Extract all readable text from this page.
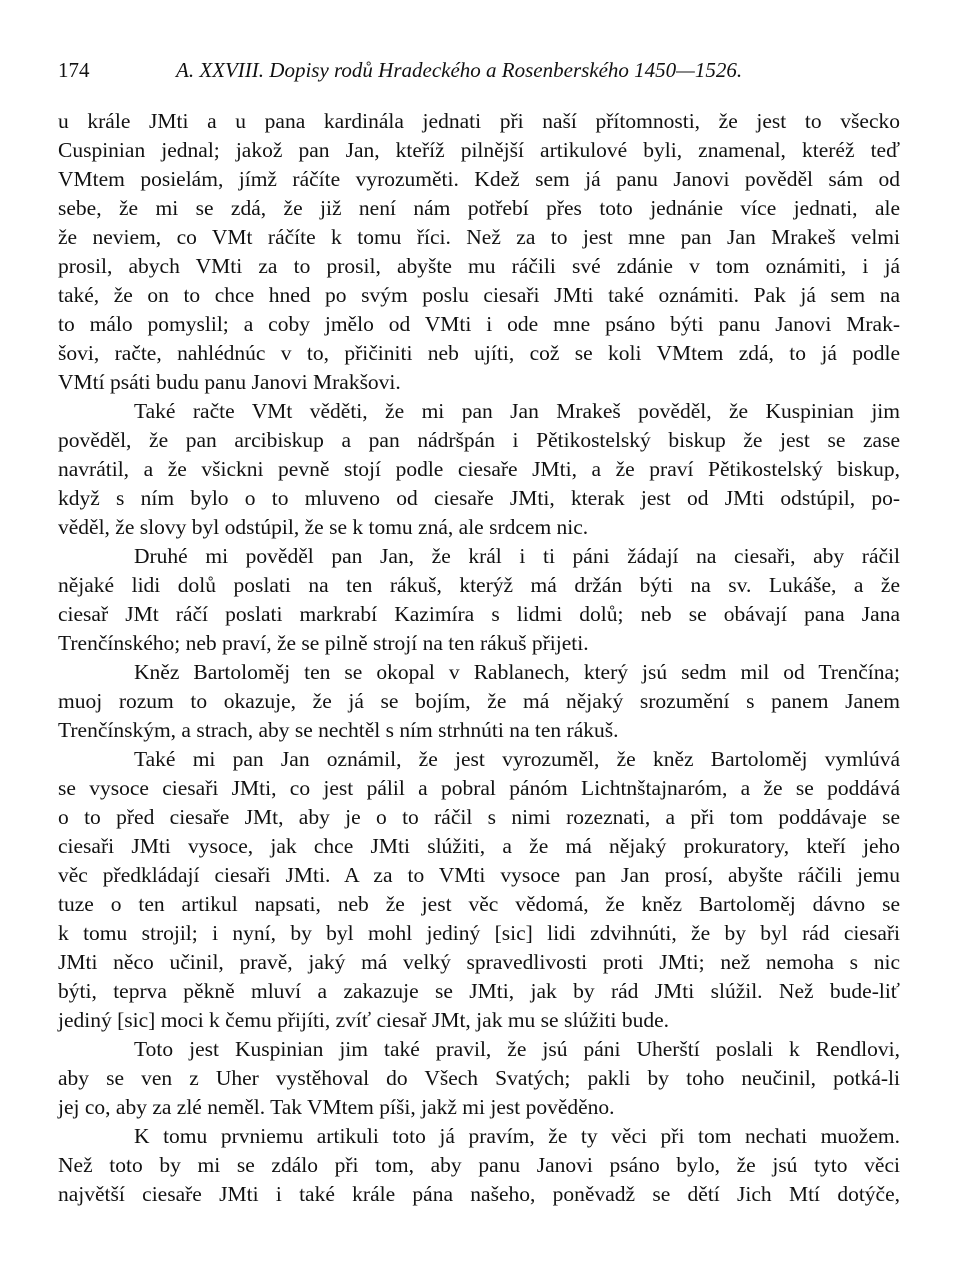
174	A. XXVIII. Dopisy rodů Hradeckého a Rosenberského 1450—1526.
u krále JMti a u pana kardinála jednati při naší přítomnosti, že jest to všecko
Cuspinian jednal; jakož pan Jan, kteříž pilnější artikulové byli, znamenal, kteréž teď
VMtem posielám, jímž ráčíte vyrozuměti. Kdež sem já panu Janovi pověděl sám od
sebe, že mi se zdá, že již není nám potřebí přes toto jednánie více jednati, ale
že neviem, co VMt ráčíte k tomu říci. Než za to jest mne pan Jan Mrakeš velmi
prosil, abych VMti za to prosil, abyšte mu ráčili své zdánie v tom oznámiti, i já
také, že on to chce hned po svým poslu ciesaři JMti také oznámiti. Pak já sem na
to málo pomyslil; a coby jmělo od VMti i ode mne psáno býti panu Janovi Mrak-
šovi, račte, nahlédnúc v to, přičiniti neb ujíti, což se koli VMtem zdá, to já podle
VMtí psáti budu panu Janovi Mrakšovi.
Také račte VMt věděti, že mi pan Jan Mrakeš pověděl, že Kuspinian jim
pověděl, že pan arcibiskup a pan nádršpán i Pětikostelský biskup že jest se zase
navrátil, a že všickni pevně stojí podle ciesaře JMti, a že praví Pětikostelský biskup,
když s ním bylo o to mluveno od ciesaře JMti, kterak jest od JMti odstúpil, po-
věděl, že slovy byl odstúpil, že se k tomu zná, ale srdcem nic.
Druhé mi pověděl pan Jan, že král i ti páni žádají na ciesaři, aby ráčil
nějaké lidi dolů poslati na ten rákuš, kterýž má držán býti na sv. Lukáše, a že
ciesař JMt ráčí poslati markrabí Kazimíra s lidmi dolů; neb se obávají pana Jana
Trenčínského; neb praví, že se pilně strojí na ten rákuš přijeti.
Kněz Bartoloměj ten se okopal v Rablanech, který jsú sedm mil od Trenčína;
muoj rozum to okazuje, že já se bojím, že má nějaký srozumění s panem Janem
Trenčínským, a strach, aby se nechtěl s ním strhnúti na ten rákuš.
Také mi pan Jan oznámil, že jest vyrozuměl, že kněz Bartoloměj vymlúvá
se vysoce ciesaři JMti, co jest pálil a pobral pánóm Lichtnštajnaróm, a že se poddává
o to před ciesaře JMt, aby je o to ráčil s nimi rozeznati, a při tom poddávaje se
ciesaři JMti vysoce, jak chce JMti slúžiti, a že má nějaký prokuratory, kteří jeho
věc předkládají ciesaři JMti. A za to VMti vysoce pan Jan prosí, abyšte ráčili jemu
tuze o ten artikul napsati, neb že jest věc vědomá, že kněz Bartoloměj dávno se
k tomu strojil; i nyní, by byl mohl jediný [sic] lidi zdvihnúti, že by byl rád ciesaři
JMti něco učinil, pravě, jaký má velký spravedlivosti proti JMti; než nemoha s nic
býti, teprva pěkně mluví a zakazuje se JMti, jak by rád JMti slúžil. Než bude-liť
jediný [sic] moci k čemu přijíti, zvíť ciesař JMt, jak mu se slúžiti bude.
Toto jest Kuspinian jim také pravil, že jsú páni Uherští poslali k Rendlovi,
aby se ven z Uher vystěhoval do Všech Svatých; pakli by toho neučinil, potká-li
jej co, aby za zlé neměl. Tak VMtem píši, jakž mi jest pověděno.
K tomu prvniemu artikuli toto já pravím, že ty věci při tom nechati muožem.
Než toto by mi se zdálo při tom, aby panu Janovi psáno bylo, že jsú tyto věci
najvětší ciesaře JMti i také krále pána našeho, poněvadž se dětí Jich Mtí dotýče,
